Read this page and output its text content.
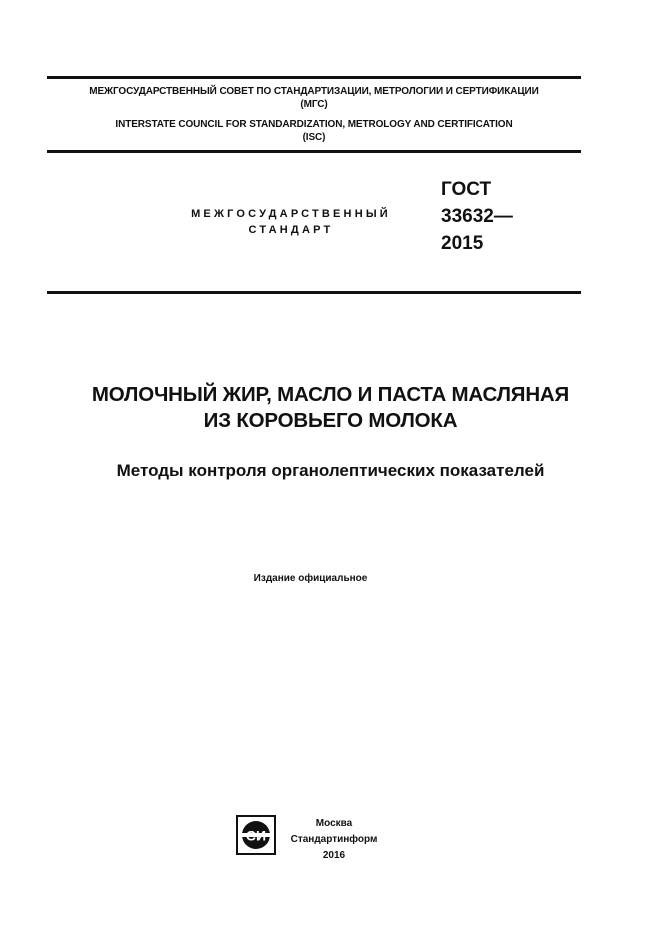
МЕЖГОСУДАРСТВЕННЫЙ СОВЕТ ПО СТАНДАРТИЗАЦИИ, МЕТРОЛОГИИ И СЕРТИФИКАЦИИ
(МГС)
INTERSTATE COUNCIL FOR STANDARDIZATION, METROLOGY AND CERTIFICATION
(ISC)
МЕЖГОСУДАРСТВЕННЫЙ
СТАНДАРТ
ГОСТ
33632—
2015
МОЛОЧНЫЙ ЖИР, МАСЛО И ПАСТА МАСЛЯНАЯ
ИЗ КОРОВЬЕГО МОЛОКА
Методы контроля органолептических показателей
Издание официальное
СИ
Москва
Стандартинформ
2016
